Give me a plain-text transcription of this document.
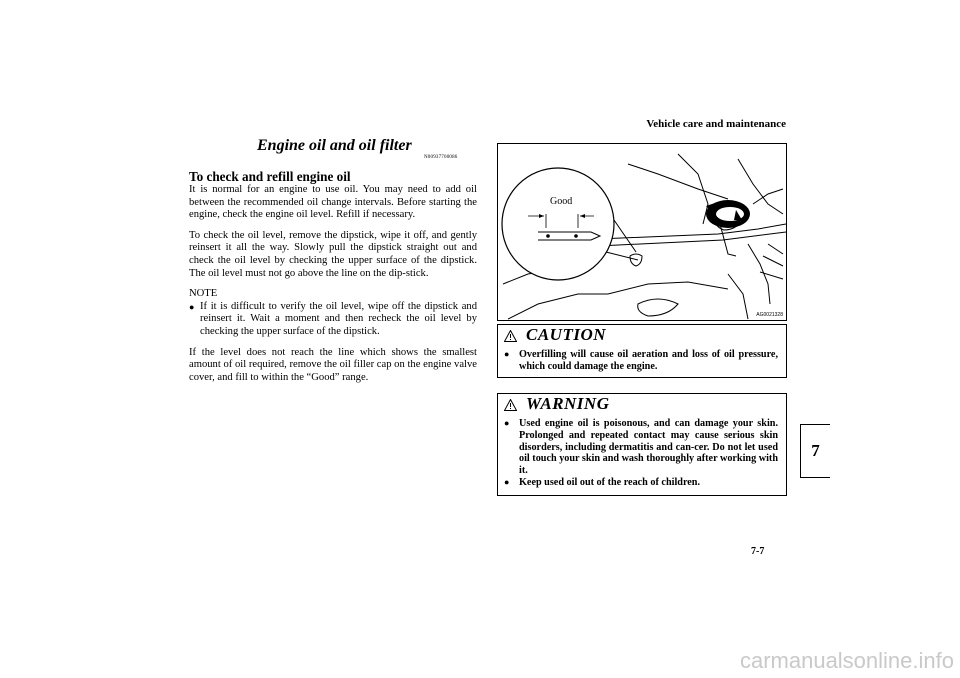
Vehicle care and maintenance
Engine oil and oil filter
N00937700086
To check and refill engine oil

It is normal for an engine to use oil. You may need to add oil between the recommended oil change intervals. Before starting the engine, check the engine oil level. Refill if necessary.

To check the oil level, remove the dipstick, wipe it off, and gently reinsert it all the way. Slowly pull the dipstick straight out and check the oil level by checking the upper surface of the dipstick. The oil level must not go above the line on the dip-stick.

NOTE

● If it is difficult to verify the oil level, wipe off the dipstick and reinsert it. Wait a moment and then recheck the oil level by checking the upper surface of the dipstick.

If the level does not reach the line which shows the smallest amount of oil required, remove the oil filler cap on the engine valve cover, and fill to within the “Good” range.

Good
AG0021328
CAUTION
● Overfilling will cause oil aeration and loss of oil pressure, which could damage the engine.
WARNING
● Used engine oil is poisonous, and can damage your skin. Prolonged and repeated contact may cause serious skin disorders, including dermatitis and can-cer. Do not let used oil touch your skin and wash thoroughly after working with it.
● Keep used oil out of the reach of children.
7
7-7
carmanualsonline.info
